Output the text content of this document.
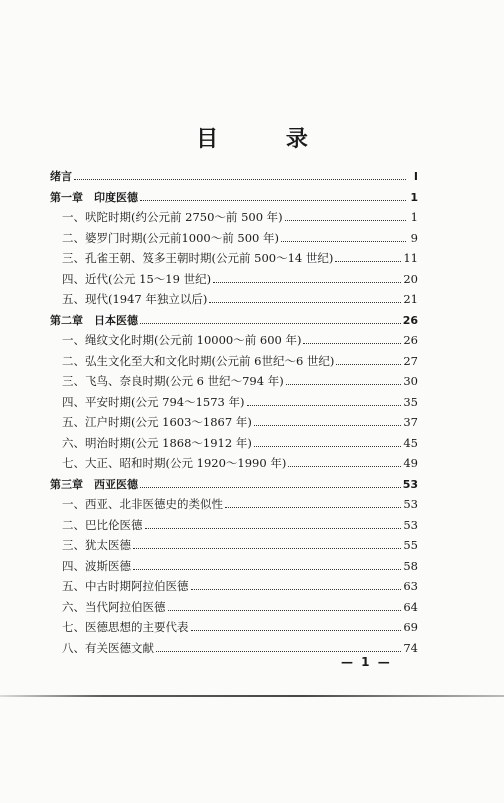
目 录
绪言	I
第一章　印度医德	1
一、吠陀时期(约公元前 2750～前 500 年)	1
二、婆罗门时期(公元前1000～前 500 年)	9
三、孔雀王朝、笈多王朝时期(公元前 500～14 世纪)	11
四、近代(公元 15～19 世纪)	20
五、现代(1947 年独立以后)	21
第二章　日本医德	26
一、绳纹文化时期(公元前 10000～前 600 年)	26
二、弘生文化至大和文化时期(公元前 6世纪～6 世纪)	27
三、飞鸟、奈良时期(公元 6 世纪～794 年)	30
四、平安时期(公元 794～1573 年)	35
五、江户时期(公元 1603～1867 年)	37
六、明治时期(公元 1868～1912 年)	45
七、大正、昭和时期(公元 1920～1990 年)	49
第三章　西亚医德	53
一、西亚、北非医德史的类似性	53
二、巴比伦医德	53
三、犹太医德	55
四、波斯医德	58
五、中古时期阿拉伯医德	63
六、当代阿拉伯医德	64
七、医德思想的主要代表	69
八、有关医德文献	74
— 1 —
